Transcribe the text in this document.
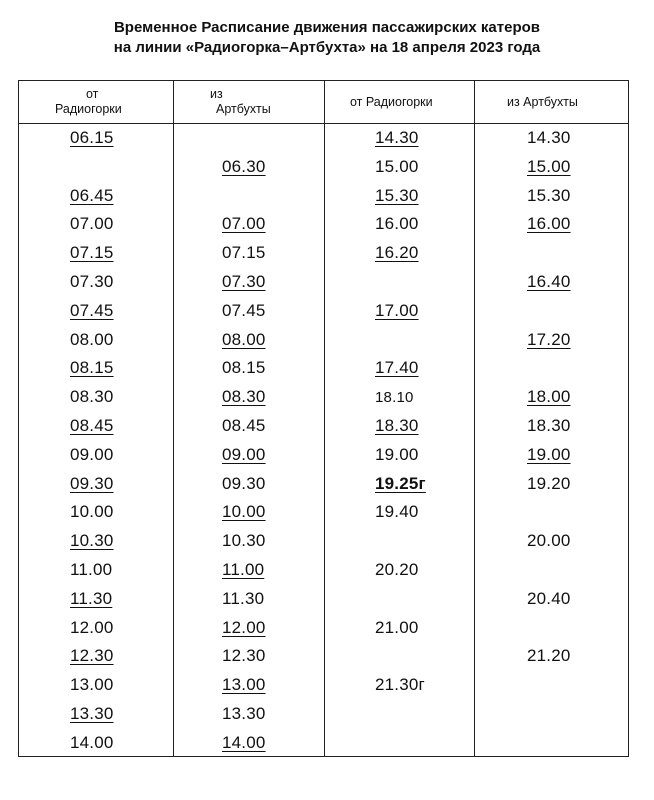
Временное Расписание движения пассажирских катеров
на линии «Радиогорка–Артбухта» на 18 апреля 2023 года
от
Радиогорки
из
Артбухты	от Радиогорки	из Артбухты
06.15
06.45
07.00
07.15
07.30
07.45
08.00
08.15
08.30
08.45
09.00
09.30
10.00
10.30
11.00
11.30
12.00
12.30
13.00
13.30
14.00
06.30
07.00
07.15
07.30
07.45
08.00
08.15
08.30
08.45
09.00
09.30
10.00
10.30
11.00
11.30
12.00
12.30
13.00
13.30
14.00
14.30
15.00
15.30
16.00
16.20
17.00
17.40
18.10
18.30
19.00
19.25г
19.40
20.20
21.00
21.30г
14.30
15.00
15.30
16.00
16.40
17.20
18.00
18.30
19.00
19.20
20.00
20.40
21.20
